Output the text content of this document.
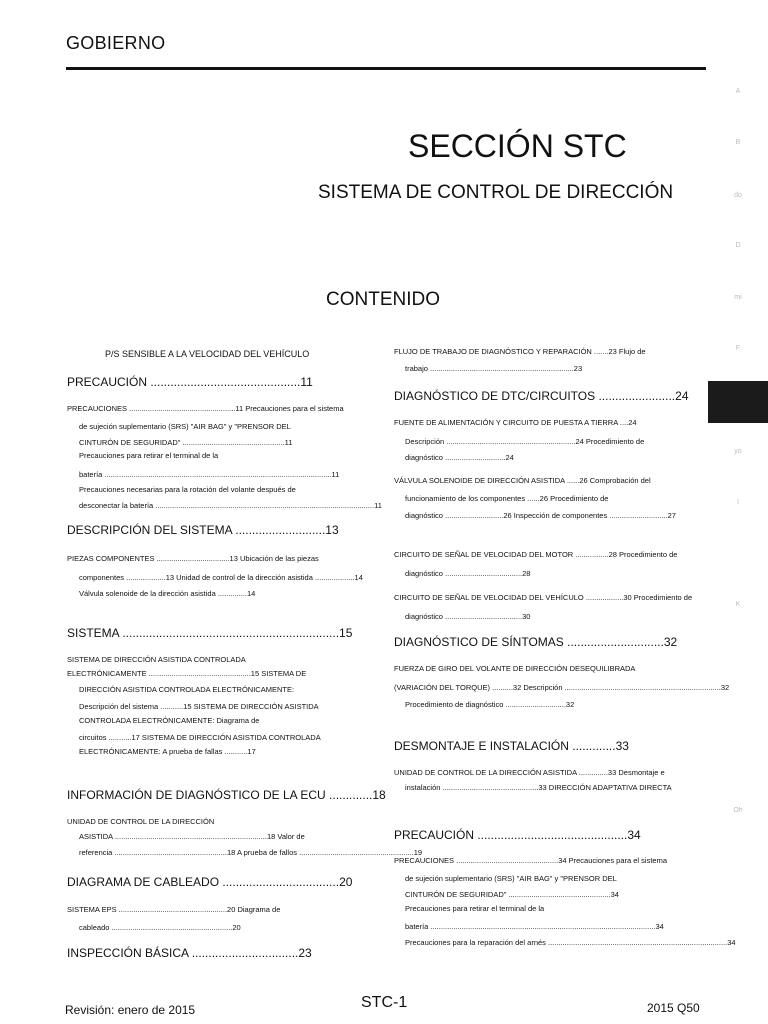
GOBIERNO
SECCIÓN STC
SISTEMA DE CONTROL DE DIRECCIÓN
CONTENIDO
A
B
do
D
mi
F
yo
I
K
Oh
P/S SENSIBLE A LA VELOCIDAD DEL VEHÍCULO
PRECAUCIÓN .............................................11
PRECAUCIONES ...................................................11 Precauciones para el sistema
de sujeción suplementario (SRS) "AIR BAG" y "PRENSOR DEL
CINTURÓN DE SEGURIDAD" .................................................11
Precauciones para retirar el terminal de la
batería .............................................................................................................11
Precauciones necesarias para la rotación del volante después de
desconectar la batería .........................................................................................................11
DESCRIPCIÓN DEL SISTEMA ...........................13
PIEZAS COMPONENTES ...................................13 Ubicación de las piezas
componentes ...................13 Unidad de control de la dirección asistida ...................14
Válvula solenoide de la dirección asistida ..............14
SISTEMA .................................................................15
SISTEMA DE DIRECCIÓN ASISTIDA CONTROLADA
ELECTRÓNICAMENTE .................................................15 SISTEMA DE
DIRECCIÓN ASISTIDA CONTROLADA ELECTRÓNICAMENTE:
Descripción del sistema ...........15 SISTEMA DE DIRECCIÓN ASISTIDA
CONTROLADA ELECTRÓNICAMENTE: Diagrama de
circuitos ...........17 SISTEMA DE DIRECCIÓN ASISTIDA CONTROLADA
ELECTRÓNICAMENTE: A prueba de fallas ...........17
INFORMACIÓN DE DIAGNÓSTICO DE LA ECU .............18
UNIDAD DE CONTROL DE LA DIRECCIÓN
ASISTIDA .........................................................................18 Valor de
referencia ......................................................18 A prueba de fallos .......................................................19
DIAGRAMA DE CABLEADO ...................................20
SISTEMA EPS ....................................................20 Diagrama de
cableado ..........................................................20
INSPECCIÓN BÁSICA ................................23
FLUJO DE TRABAJO DE DIAGNÓSTICO Y REPARACIÓN .......23 Flujo de
trabajo .....................................................................23
DIAGNÓSTICO DE DTC/CIRCUITOS .......................24
FUENTE DE ALIMENTACIÓN Y CIRCUITO DE PUESTA A TIERRA ....24
Descripción ..............................................................24 Procedimiento de
diagnóstico .............................24
VÁLVULA SOLENOIDE DE DIRECCIÓN ASISTIDA ......26 Comprobación del
funcionamiento de los componentes ......26 Procedimiento de
diagnóstico ............................26 Inspección de componentes ............................27
CIRCUITO DE SEÑAL DE VELOCIDAD DEL MOTOR ................28 Procedimiento de
diagnóstico .....................................28
CIRCUITO DE SEÑAL DE VELOCIDAD DEL VEHÍCULO ..................30 Procedimiento de
diagnóstico .....................................30
DIAGNÓSTICO DE SÍNTOMAS .............................32
FUERZA DE GIRO DEL VOLANTE DE DIRECCIÓN DESEQUILIBRADA
(VARIACIÓN DEL TORQUE) ..........32 Descripción ...........................................................................32
Procedimiento de diagnóstico .............................32
DESMONTAJE E INSTALACIÓN .............33
UNIDAD DE CONTROL DE LA DIRECCIÓN ASISTIDA ..............33 Desmontaje e
instalación ..............................................33 DIRECCIÓN ADAPTATIVA DIRECTA
PRECAUCIÓN .............................................34
PRECAUCIONES .................................................34 Precauciones para el sistema
de sujeción suplementario (SRS) "AIR BAG" y "PRENSOR DEL
CINTURÓN DE SEGURIDAD" .................................................34
Precauciones para retirar el terminal de la
batería ............................................................................................................34
Precauciones para la reparación del arnés ......................................................................................34
Revisión: enero de 2015	STC-1	2015 Q50
